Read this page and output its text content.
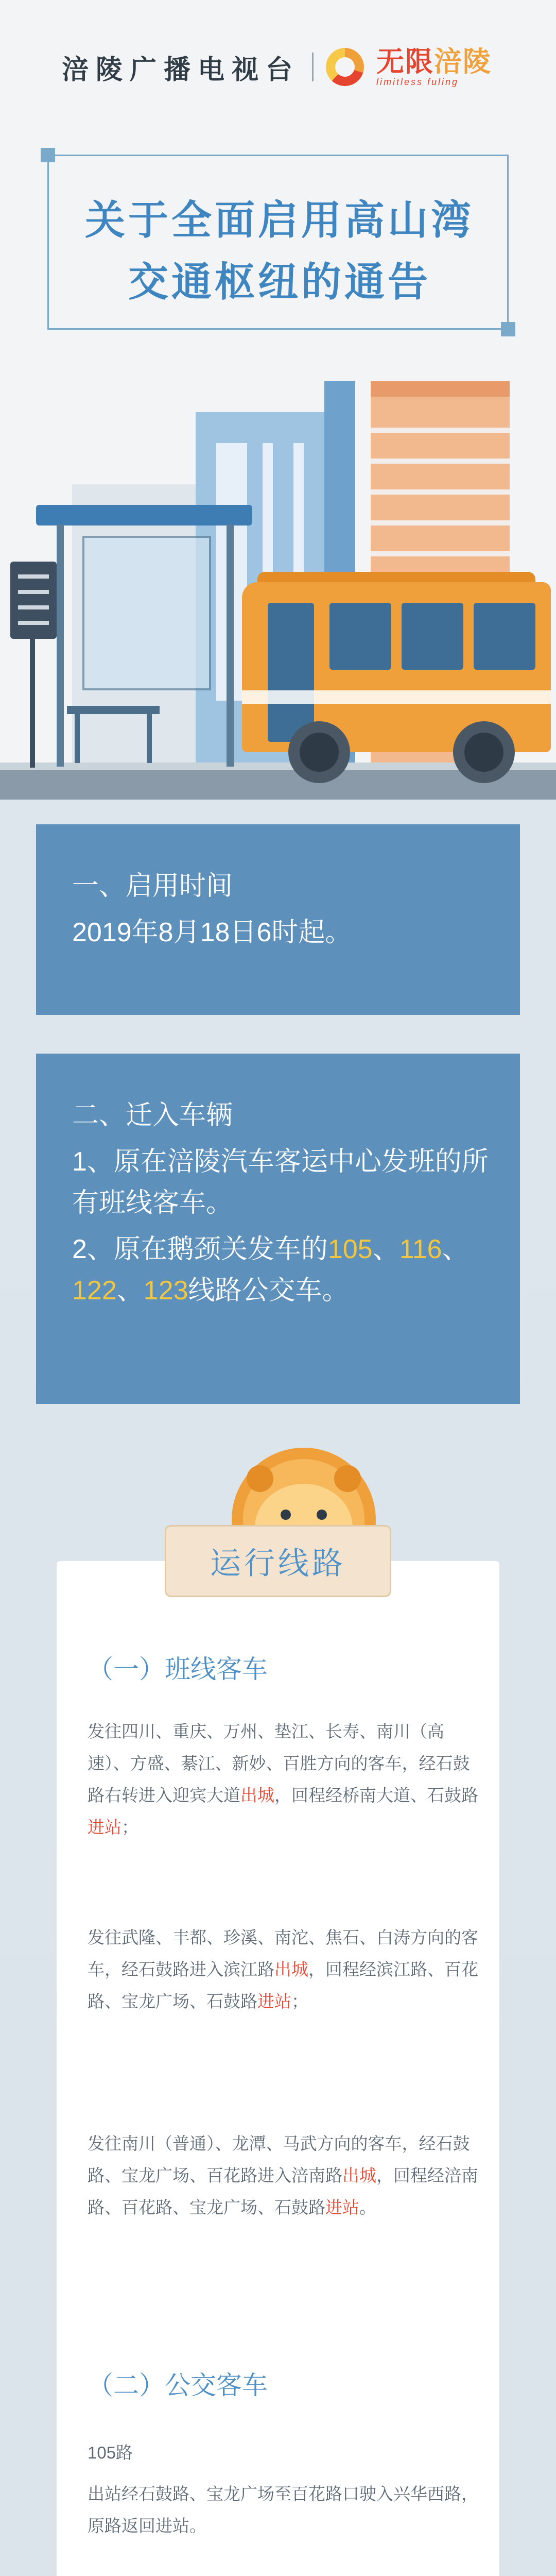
涪陵广播电视台	无限涪陵
limitless fuling
关于全面启用高山湾
交通枢纽的通告
一、启用时间
2019年8月18日6时起。
二、迁入车辆
1、原在涪陵汽车客运中心发班的所有班线客车。
2、原在鹅颈关发车的105、116、122、123线路公交车。
（一）班线客车
发往四川、重庆、万州、垫江、长寿、南川（高速）、方盛、綦江、新妙、百胜方向的客车，经石鼓路右转进入迎宾大道出城，回程经桥南大道、石鼓路进站；
发往武隆、丰都、珍溪、南沱、焦石、白涛方向的客车，经石鼓路进入滨江路出城，回程经滨江路、百花路、宝龙广场、石鼓路进站；
发往南川（普通）、龙潭、马武方向的客车，经石鼓路、宝龙广场、百花路进入涪南路出城，回程经涪南路、百花路、宝龙广场、石鼓路进站。
（二）公交客车
105路
出站经石鼓路、宝龙广场至百花路口驶入兴华西路，原路返回进站。
运行线路
